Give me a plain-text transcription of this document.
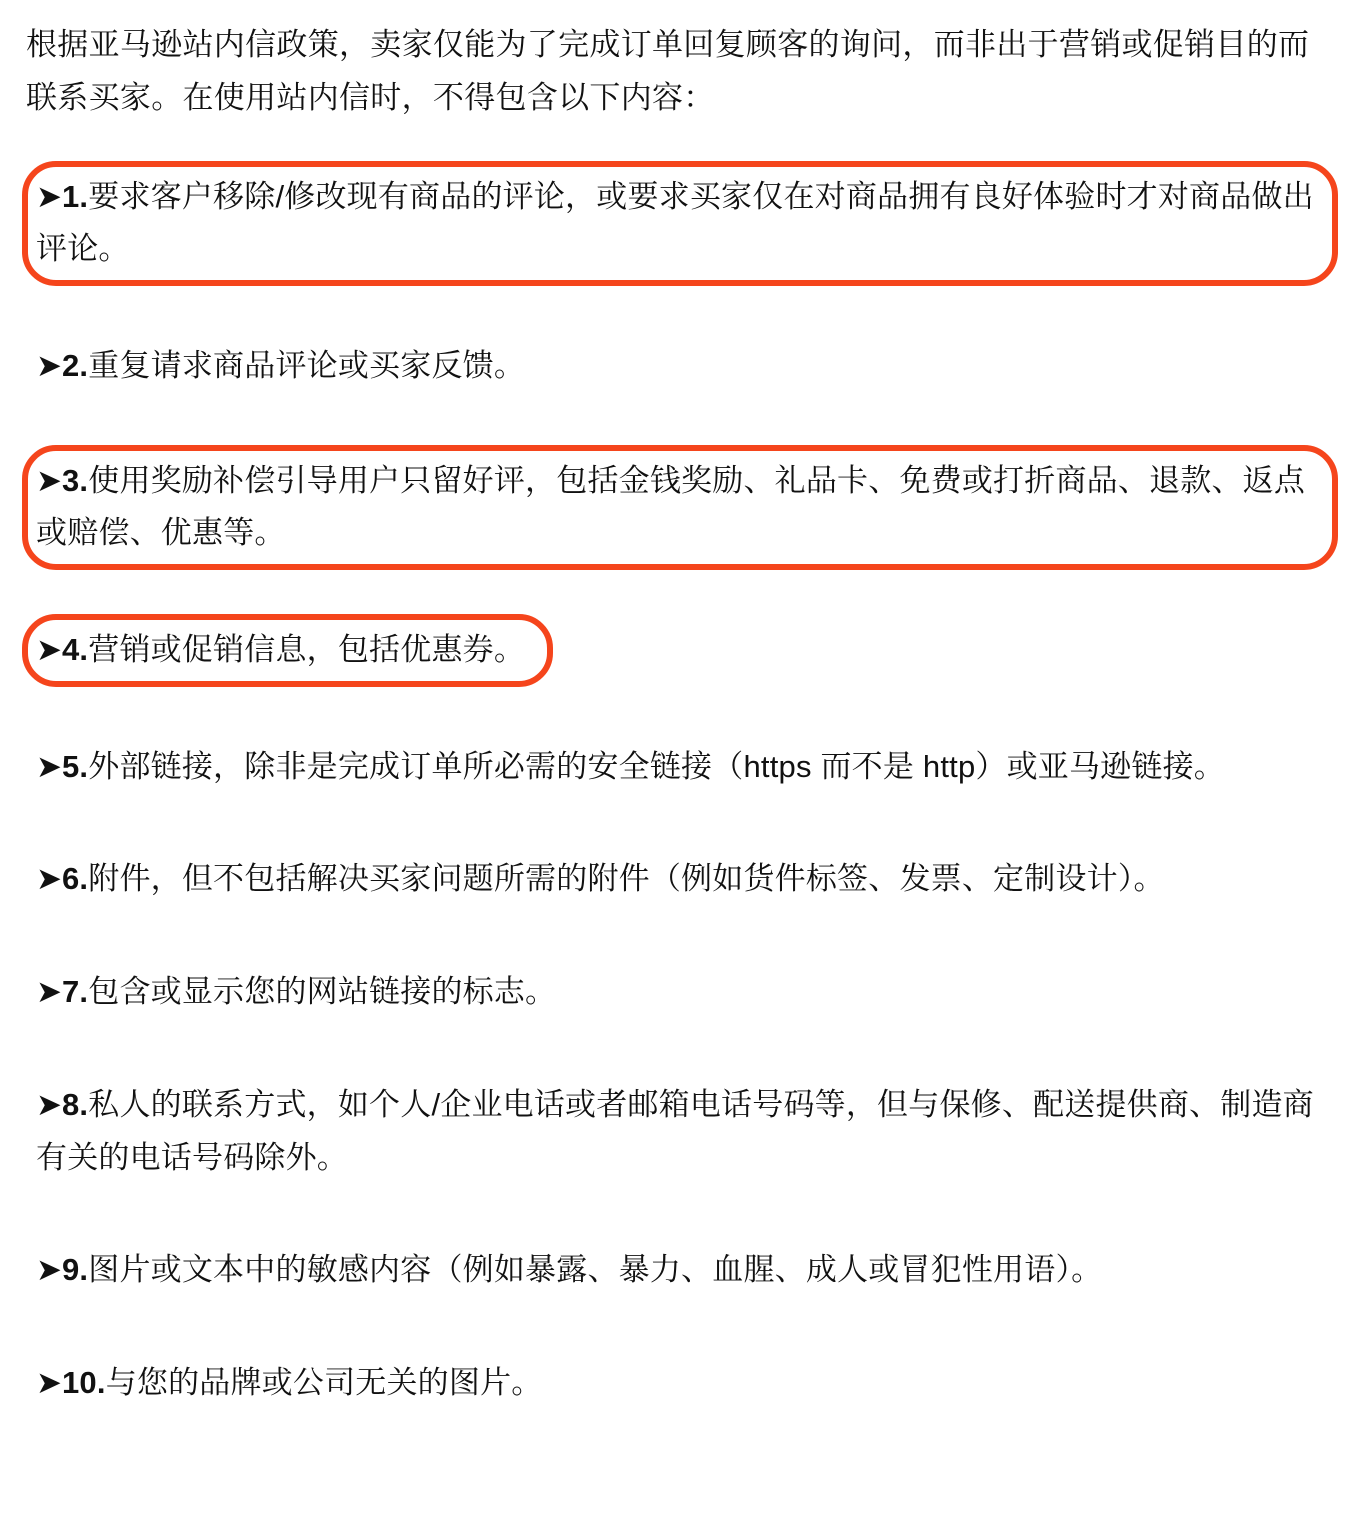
根据亚马逊站内信政策，卖家仅能为了完成订单回复顾客的询问，而非出于营销或促销目的而联系买家。在使用站内信时，不得包含以下内容：

➤1.要求客户移除/修改现有商品的评论，或要求买家仅在对商品拥有良好体验时才对商品做出评论。
➤2.重复请求商品评论或买家反馈。
➤3.使用奖励补偿引导用户只留好评，包括金钱奖励、礼品卡、免费或打折商品、退款、返点或赔偿、优惠等。
➤4.营销或促销信息，包括优惠券。
➤5.外部链接，除非是完成订单所必需的安全链接（https 而不是 http）或亚马逊链接。
➤6.附件，但不包括解决买家问题所需的附件（例如货件标签、发票、定制设计）。
➤7.包含或显示您的网站链接的标志。
➤8.私人的联系方式，如个人/企业电话或者邮箱电话号码等，但与保修、配送提供商、制造商有关的电话号码除外。
➤9.图片或文本中的敏感内容（例如暴露、暴力、血腥、成人或冒犯性用语）。
➤10.与您的品牌或公司无关的图片。
